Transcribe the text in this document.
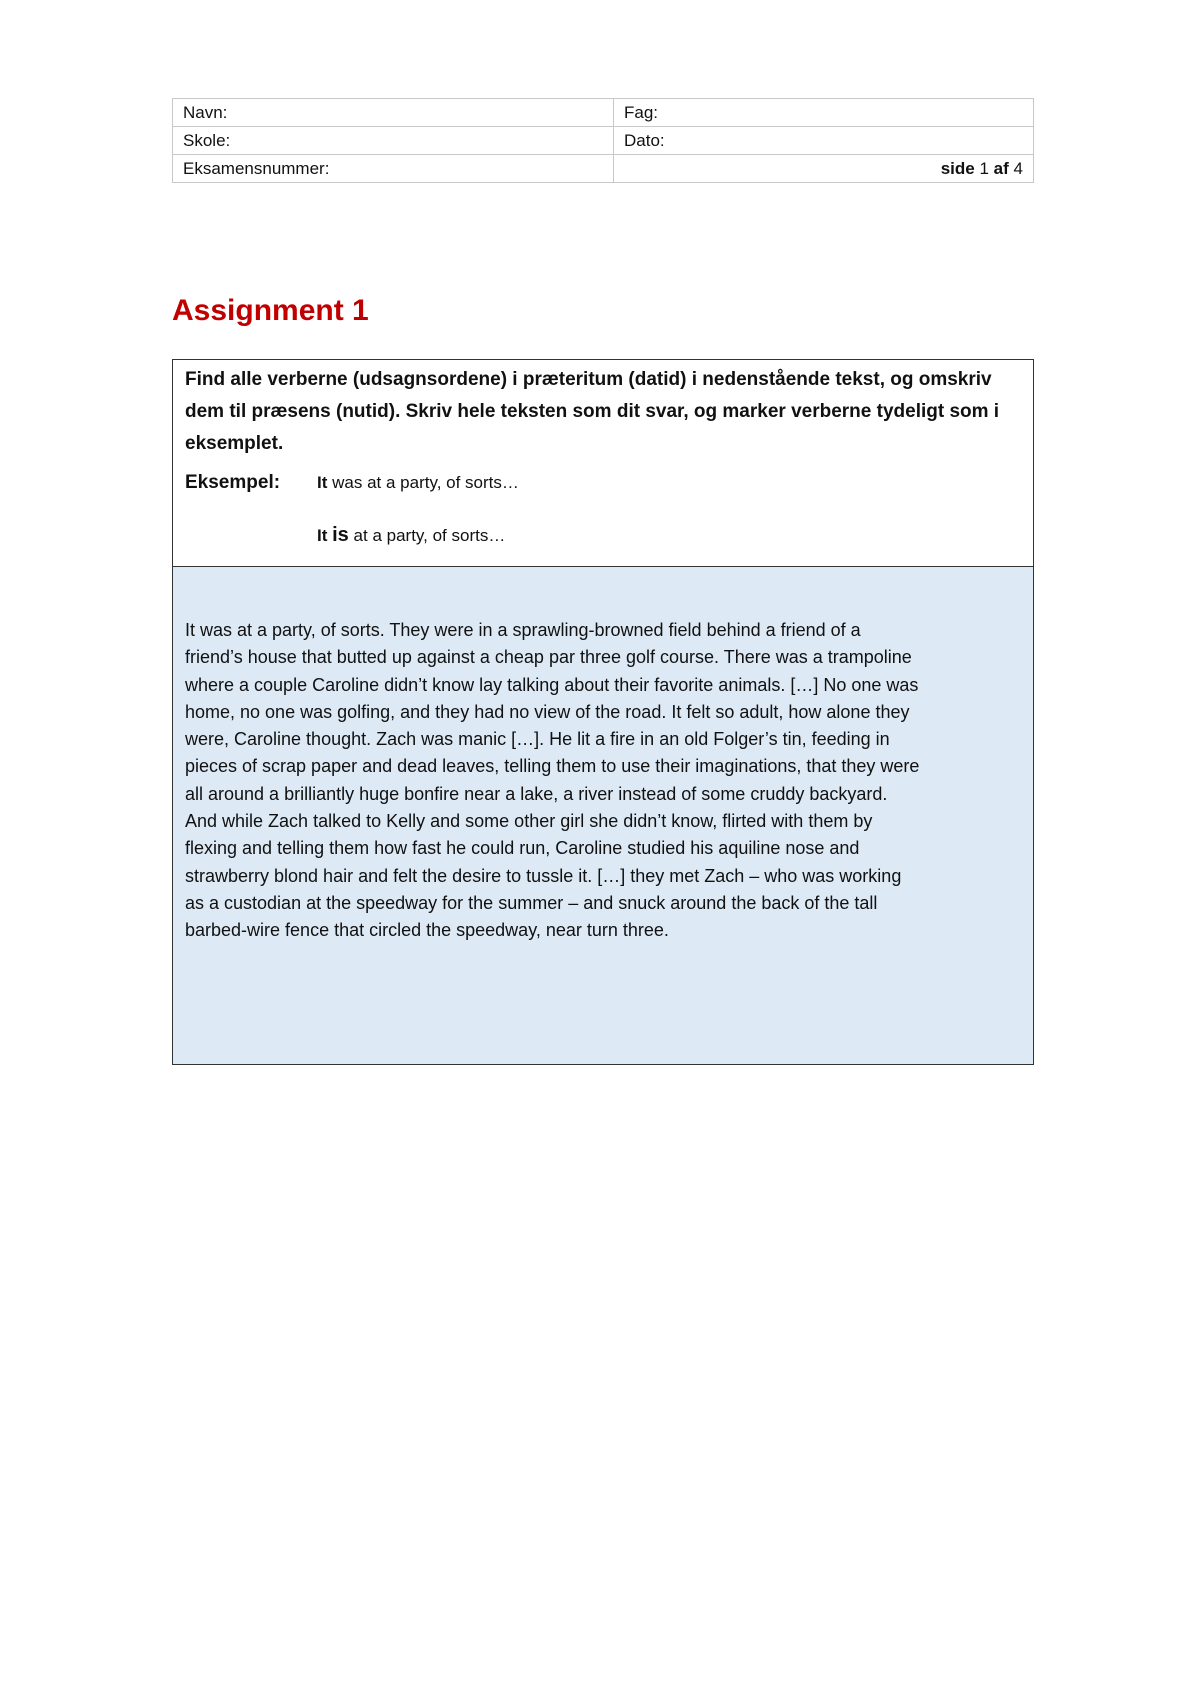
Navn:	Fag:
Skole:	Dato:
Eksamensnummer:	side 1 af 4
Assignment 1

Find alle verberne (udsagnsordene) i præteritum (datid) i nedenstående tekst, og omskriv dem til præsens (nutid). Skriv hele teksten som dit svar, og marker verberne tydeligt som i eksemplet.

Eksempel:	It was at a party, of sorts…
It is at a party, of sorts…

It was at a party, of sorts. They were in a sprawling-browned field behind a friend of a
friend’s house that butted up against a cheap par three golf course. There was a trampoline
where a couple Caroline didn’t know lay talking about their favorite animals. […] No one was
home, no one was golfing, and they had no view of the road. It felt so adult, how alone they
were, Caroline thought. Zach was manic […]. He lit a fire in an old Folger’s tin, feeding in
pieces of scrap paper and dead leaves, telling them to use their imaginations, that they were
all around a brilliantly huge bonfire near a lake, a river instead of some cruddy backyard.
And while Zach talked to Kelly and some other girl she didn’t know, flirted with them by
flexing and telling them how fast he could run, Caroline studied his aquiline nose and
strawberry blond hair and felt the desire to tussle it. […] they met Zach – who was working
as a custodian at the speedway for the summer – and snuck around the back of the tall
barbed-wire fence that circled the speedway, near turn three.
